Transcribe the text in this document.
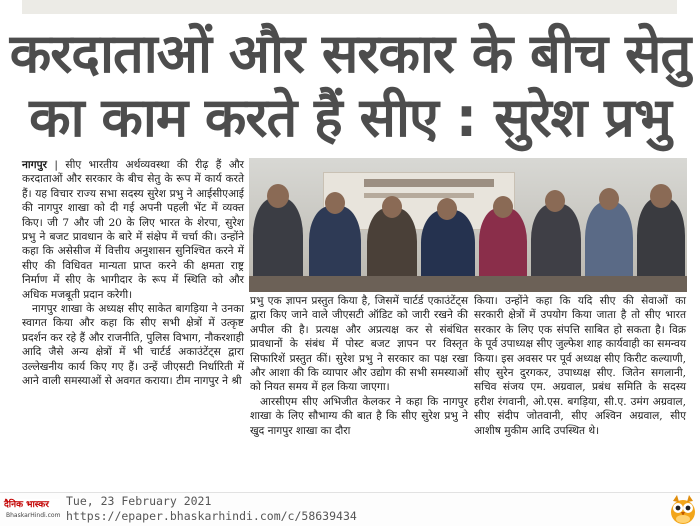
करदाताओं और सरकार के बीच सेतु
का काम करते हैं सीए : सुरेश प्रभु

नागपुर | सीए भारतीय अर्थव्यवस्था की रीढ़ हैं और करदाताओं और सरकार के बीच सेतु के रूप में कार्य करते हैं। यह विचार राज्य सभा सदस्य सुरेश प्रभु ने आईसीएआई की नागपुर शाखा को दी गई अपनी पहली भेंट में व्यक्त किए। जी 7 और जी 20 के लिए भारत के शेरपा, सुरेश प्रभु ने बजट प्रावधान के बारे में संक्षेप में चर्चा की। उन्होंने कहा कि असेसीज में वित्तीय अनुशासन सुनिश्चित करने में सीए की विधिवत मान्यता प्राप्त करने की क्षमता राष्ट्र निर्माण में सीए के भागीदार के रूप में स्थिति को और अधिक मजबूती प्रदान करेगी।

नागपुर शाखा के अध्यक्ष सीए साकेत बागड़िया ने उनका स्वागत किया और कहा कि सीए सभी क्षेत्रों में उत्कृष्ट प्रदर्शन कर रहे हैं और राजनीति, पुलिस विभाग, नौकरशाही आदि जैसे अन्य क्षेत्रों में भी चार्टर्ड अकाउंटेंट्स द्वारा उल्लेखनीय कार्य किए गए हैं। उन्हें जीएसटी निर्धारिती में आने वाली समस्याओं से अवगत कराया। टीम नागपुर ने श्री

प्रभु एक ज्ञापन प्रस्तुत किया है, जिसमें चार्टर्ड एकाउंटेंट्स द्वारा किए जाने वाले जीएसटी ऑडिट को जारी रखने की अपील की है। प्रत्यक्ष और अप्रत्यक्ष कर से संबंधित प्रावधानों के संबंध में पोस्ट बजट ज्ञापन पर विस्तृत सिफारिशें प्रस्तुत कीं। सुरेश प्रभु ने सरकार का पक्ष रखा और आशा की कि व्यापार और उद्योग की सभी समस्याओं को नियत समय में हल किया जाएगा।

आरसीएम सीए अभिजीत केलकर ने कहा कि नागपुर शाखा के लिए सौभाग्य की बात है कि सीए सुरेश प्रभु ने खुद नागपुर शाखा का दौरा

किया। उन्होंने कहा कि यदि सीए की सेवाओं का सरकारी क्षेत्रों में उपयोग किया जाता है तो सीए भारत सरकार के लिए एक संपत्ति साबित हो सकता है। विक्र के पूर्व उपाध्यक्ष सीए जुल्फेश शाह कार्यवाही का समन्वय किया। इस अवसर पर पूर्व अध्यक्ष सीए किरीट कल्याणी, सीए सुरेन दुरगकर, उपाध्यक्ष सीए. जितेन सगलानी, सचिव संजय एम. अग्रवाल, प्रबंध समिति के सदस्य हरीश रंगवानी, ओ.एस. बगड़िया, सी.ए. उमंग अग्रवाल, सीए संदीप जोतवानी, सीए अश्विन अग्रवाल, सीए आशीष मुकीम आदि उपस्थित थे।

दैनिक भास्कर
BhaskarHindi.com
Tue, 23 February 2021
https://epaper.bhaskarhindi.com/c/58639434
